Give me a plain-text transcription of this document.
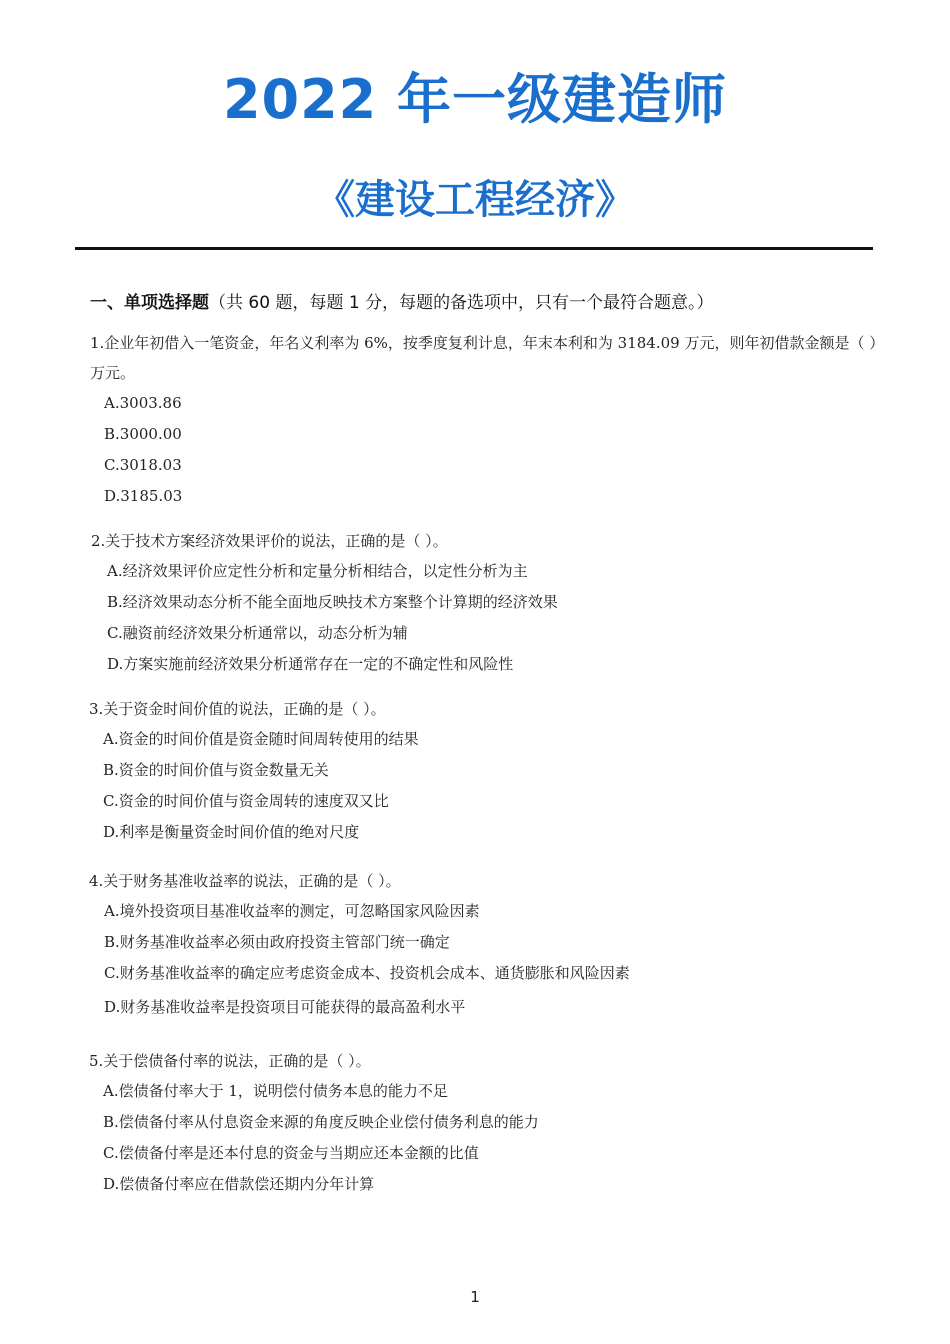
2022 年一级建造师
《建设工程经济》
一、单项选择题（共 60 题，每题 1 分，每题的备选项中，只有一个最符合题意。）
1.企业年初借入一笔资金，年名义利率为 6%，按季度复利计息，年末本利和为 3184.09 万元，则年初借款金额是（ ）万元。
A.3003.86
B.3000.00
C.3018.03
D.3185.03
2.关于技术方案经济效果评价的说法，正确的是（ ）。
A.经济效果评价应定性分析和定量分析相结合，以定性分析为主
B.经济效果动态分析不能全面地反映技术方案整个计算期的经济效果
C.融资前经济效果分析通常以，动态分析为辅
D.方案实施前经济效果分析通常存在一定的不确定性和风险性
3.关于资金时间价值的说法，正确的是（ ）。
A.资金的时间价值是资金随时间周转使用的结果
B.资金的时间价值与资金数量无关
C.资金的时间价值与资金周转的速度双又比
D.利率是衡量资金时间价值的绝对尺度
4.关于财务基准收益率的说法，正确的是（ ）。
A.境外投资项目基准收益率的测定，可忽略国家风险因素
B.财务基准收益率必须由政府投资主管部门统一确定
C.财务基准收益率的确定应考虑资金成本、投资机会成本、通货膨胀和风险因素
D.财务基准收益率是投资项目可能获得的最高盈利水平
5.关于偿债备付率的说法，正确的是（ ）。
A.偿债备付率大于 1，说明偿付债务本息的能力不足
B.偿债备付率从付息资金来源的角度反映企业偿付债务利息的能力
C.偿债备付率是还本付息的资金与当期应还本金额的比值
D.偿债备付率应在借款偿还期内分年计算
1
